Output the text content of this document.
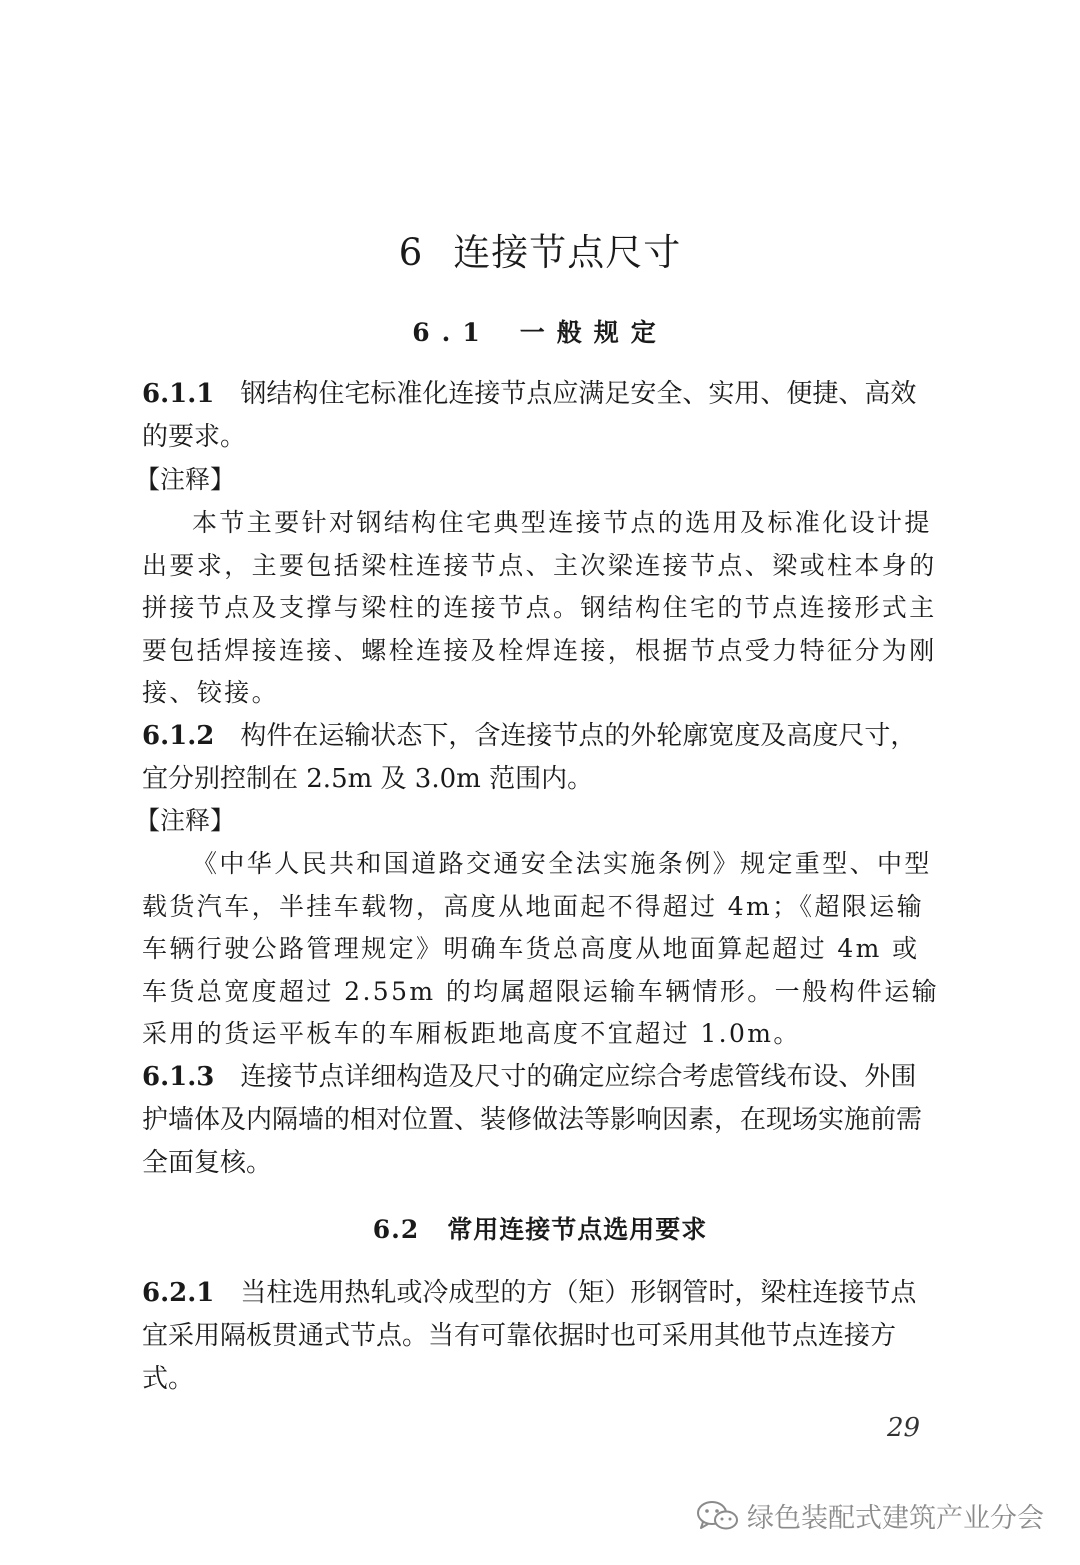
6 连接节点尺寸
6.1 一般规定
6.1.1 钢结构住宅标准化连接节点应满足安全、实用、便捷、高效的要求。
【注释】
本节主要针对钢结构住宅典型连接节点的选用及标准化设计提出要求，主要包括梁柱连接节点、主次梁连接节点、梁或柱本身的拼接节点及支撑与梁柱的连接节点。钢结构住宅的节点连接形式主要包括焊接连接、螺栓连接及栓焊连接，根据节点受力特征分为刚接、铰接。
6.1.2 构件在运输状态下，含连接节点的外轮廓宽度及高度尺寸，宜分别控制在 2.5m 及 3.0m 范围内。
【注释】
《中华人民共和国道路交通安全法实施条例》规定重型、中型载货汽车，半挂车载物，高度从地面起不得超过 4m；《超限运输车辆行驶公路管理规定》明确车货总高度从地面算起超过 4m 或车货总宽度超过 2.55m 的均属超限运输车辆情形。一般构件运输采用的货运平板车的车厢板距地高度不宜超过 1.0m。
6.1.3 连接节点详细构造及尺寸的确定应综合考虑管线布设、外围护墙体及内隔墙的相对位置、装修做法等影响因素，在现场实施前需全面复核。
6.2 常用连接节点选用要求
6.2.1 当柱选用热轧或冷成型的方（矩）形钢管时，梁柱连接节点宜采用隔板贯通式节点。当有可靠依据时也可采用其他节点连接方式。
29
绿色装配式建筑产业分会
